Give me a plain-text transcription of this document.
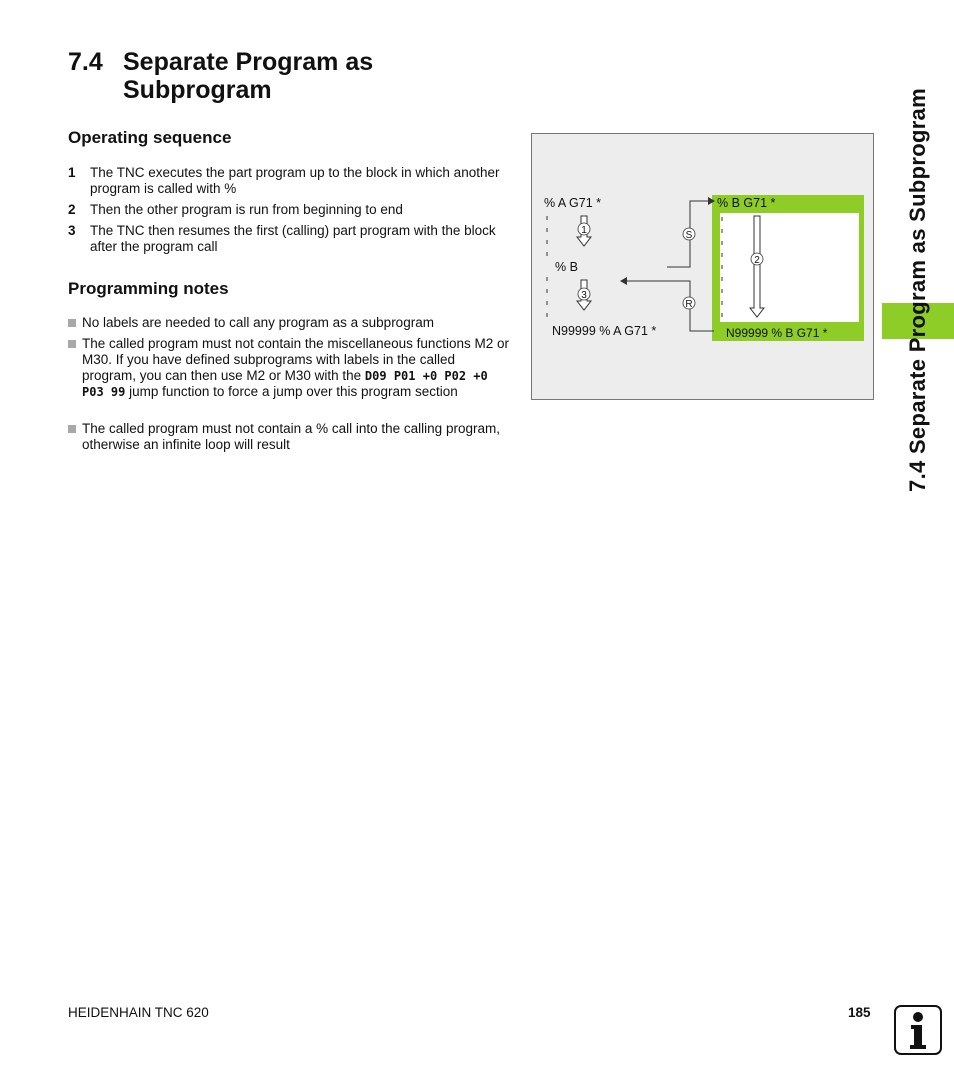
7.4 Separate Program as Subprogram
Operating sequence
1 The TNC executes the part program up to the block in which another program is called with %
2 Then the other program is run from beginning to end
3 The TNC then resumes the first (calling) part program with the block after the program call
Programming notes
No labels are needed to call any program as a subprogram
The called program must not contain the miscellaneous functions M2 or M30. If you have defined subprograms with labels in the called program, you can then use M2 or M30 with the D09 P01 +0 P02 +0 P03 99 jump function to force a jump over this program section
The called program must not contain a % call into the calling program, otherwise an infinite loop will result
% A G71 *
% B
N99999 % A G71 *
% B G71 *
N99999 % B G71 *
1
3
2
S
R	7.4 Separate Program as Subprogram
HEIDENHAIN TNC 620	185
